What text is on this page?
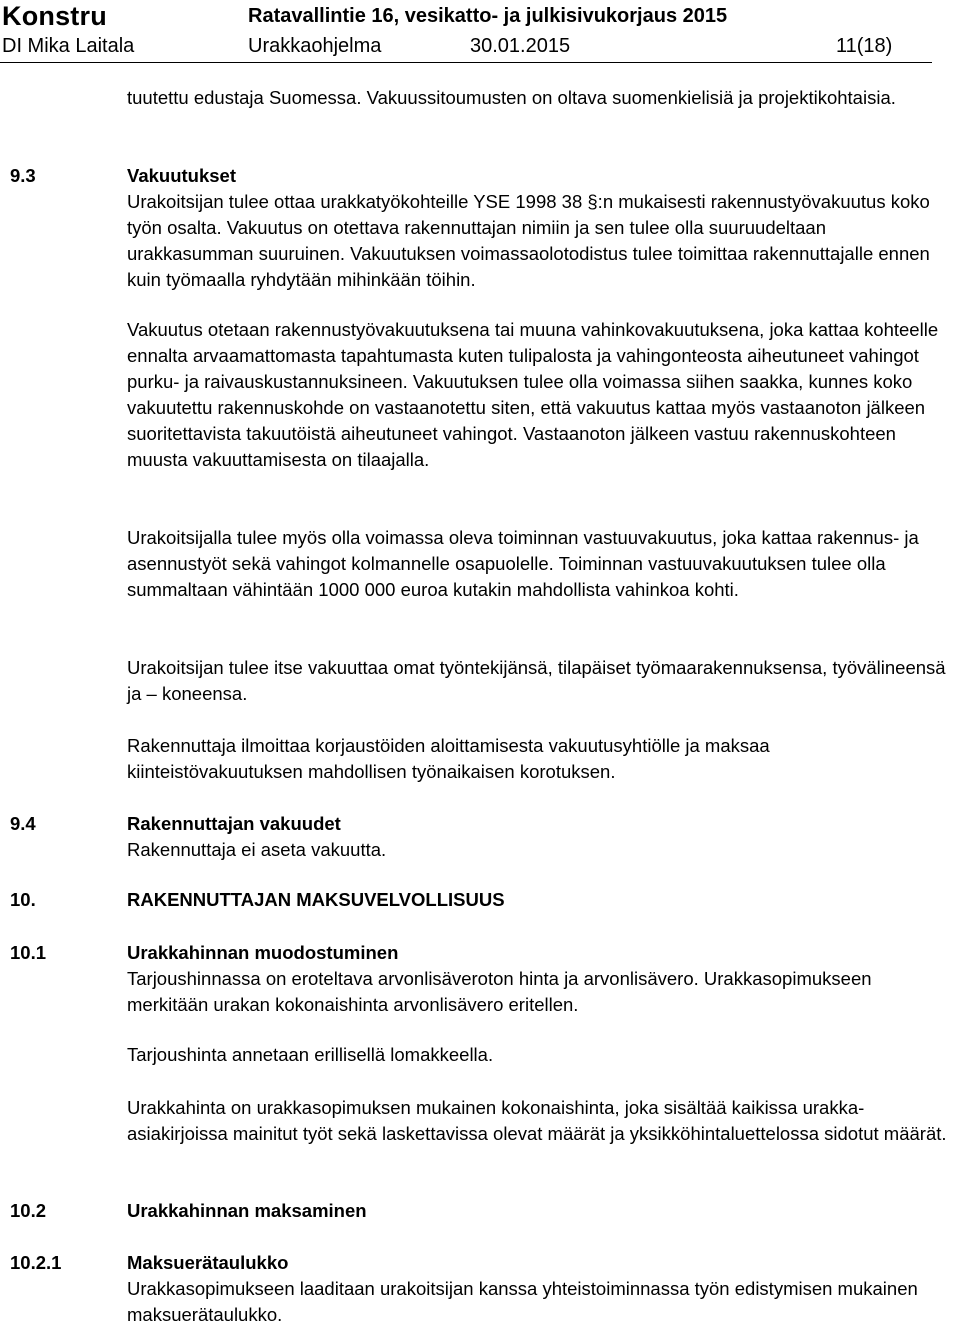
Konstru	Ratavallintie 16, vesikatto- ja julkisivukorjaus 2015
DI Mika Laitala	Urakkaohjelma	30.01.2015	11(18)

tuutettu edustaja Suomessa. Vakuussitoumusten on oltava suomenkielisiä ja projektikohtaisia.

9.3	Vakuutukset

Urakoitsijan tulee ottaa urakkatyökohteille YSE 1998 38 §:n mukaisesti rakennustyövakuutus koko työn osalta. Vakuutus on otettava rakennuttajan nimiin ja sen tulee olla suuruudeltaan urakkasumman suuruinen. Vakuutuksen voimassaolotodistus tulee toimittaa rakennuttajalle ennen kuin työmaalla ryhdytään mihinkään töihin.

Vakuutus otetaan rakennustyövakuutuksena tai muuna vahinkovakuutuksena, joka kattaa kohteelle ennalta arvaamattomasta tapahtumasta kuten tulipalosta ja vahingonteosta aiheutuneet vahingot purku- ja raivauskustannuksineen. Vakuutuksen tulee olla voimassa siihen saakka, kunnes koko vakuutettu rakennuskohde on vastaanotettu siten, että vakuutus kattaa myös vastaanoton jälkeen suoritettavista takuutöistä aiheutuneet vahingot. Vastaanoton jälkeen vastuu rakennuskohteen muusta vakuuttamisesta on tilaajalla.

Urakoitsijalla tulee myös olla voimassa oleva toiminnan vastuuvakuutus, joka kattaa rakennus- ja asennustyöt sekä vahingot kolmannelle osapuolelle. Toiminnan vastuuvakuutuksen tulee olla summaltaan vähintään 1000 000 euroa kutakin mahdollista vahinkoa kohti.

Urakoitsijan tulee itse vakuuttaa omat työntekijänsä, tilapäiset työmaarakennuksensa, työvälineensä ja – koneensa.

Rakennuttaja ilmoittaa korjaustöiden aloittamisesta vakuutusyhtiölle ja maksaa kiinteistövakuutuksen mahdollisen työnaikaisen korotuksen.

9.4	Rakennuttajan vakuudet

Rakennuttaja ei aseta vakuutta.

10.	RAKENNUTTAJAN MAKSUVELVOLLISUUS
10.1	Urakkahinnan muodostuminen

Tarjoushinnassa on eroteltava arvonlisäveroton hinta ja arvonlisävero. Urakkasopimukseen merkitään urakan kokonaishinta arvonlisävero eritellen.

Tarjoushinta annetaan erillisellä lomakkeella.

Urakkahinta on urakkasopimuksen mukainen kokonaishinta, joka sisältää kaikissa urakka-asiakirjoissa mainitut työt sekä laskettavissa olevat määrät ja yksikköhintaluettelossa sidotut määrät.

10.2	Urakkahinnan maksaminen
10.2.1	Maksuerätaulukko

Urakkasopimukseen laaditaan urakoitsijan kanssa yhteistoiminnassa työn edistymisen mukainen maksuerätaulukko.
